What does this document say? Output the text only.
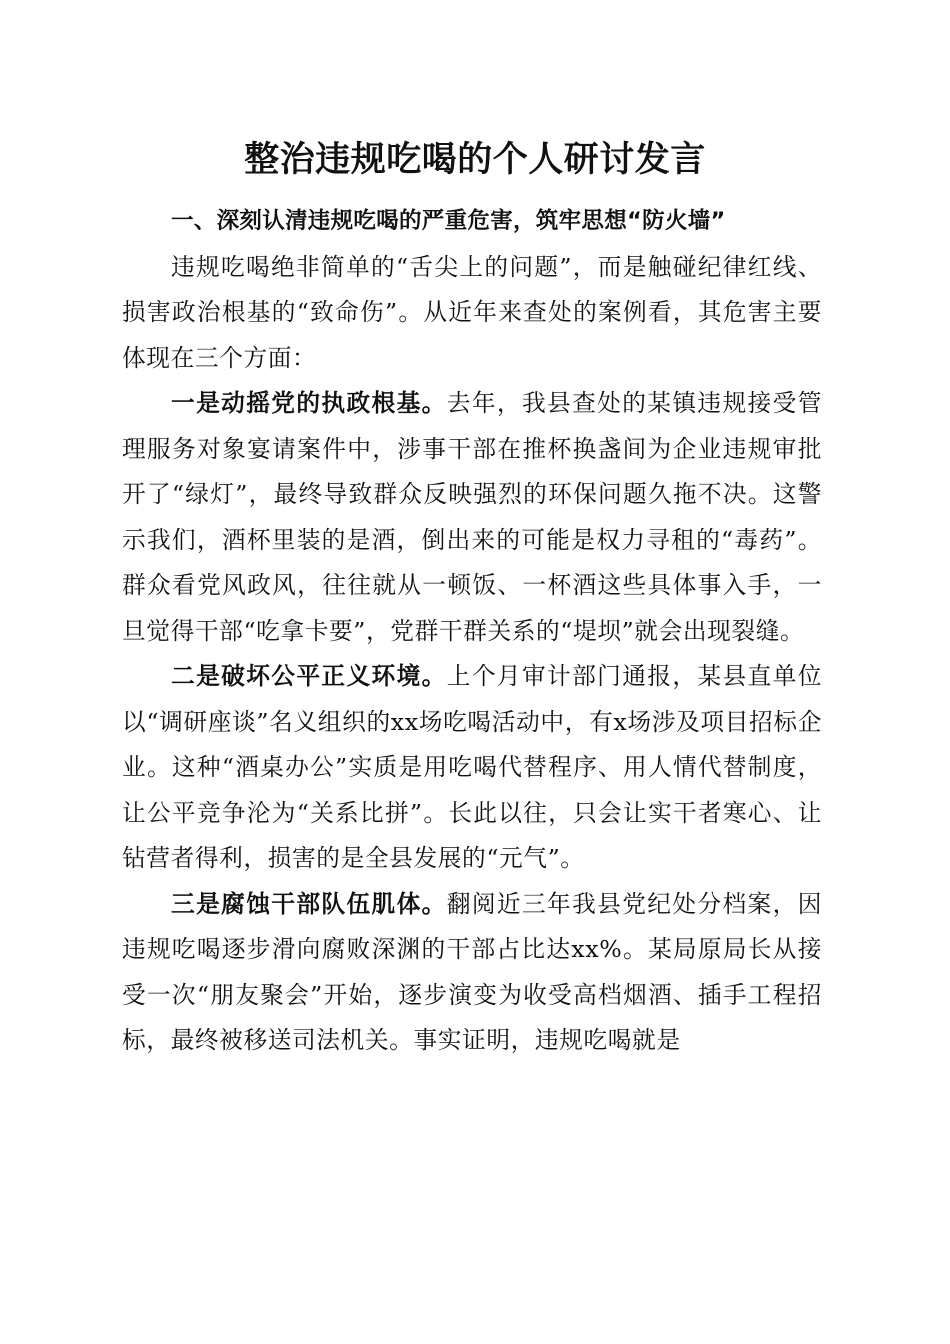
整治违规吃喝的个人研讨发言

一、深刻认清违规吃喝的严重危害，筑牢思想“防火墙”

违规吃喝绝非简单的“舌尖上的问题”，而是触碰纪律红线、损害政治根基的“致命伤”。从近年来查处的案例看，其危害主要体现在三个方面：

一是动摇党的执政根基。去年，我县查处的某镇违规接受管理服务对象宴请案件中，涉事干部在推杯换盏间为企业违规审批开了“绿灯”，最终导致群众反映强烈的环保问题久拖不决。这警示我们，酒杯里装的是酒，倒出来的可能是权力寻租的“毒药”。群众看党风政风，往往就从一顿饭、一杯酒这些具体事入手，一旦觉得干部“吃拿卡要”，党群干群关系的“堤坝”就会出现裂缝。

二是破坏公平正义环境。上个月审计部门通报，某县直单位以“调研座谈”名义组织的xx场吃喝活动中，有x场涉及项目招标企业。这种“酒桌办公”实质是用吃喝代替程序、用人情代替制度，让公平竞争沦为“关系比拼”。长此以往，只会让实干者寒心、让钻营者得利，损害的是全县发展的“元气”。

三是腐蚀干部队伍肌体。翻阅近三年我县党纪处分档案，因违规吃喝逐步滑向腐败深渊的干部占比达xx%。某局原局长从接受一次“朋友聚会”开始，逐步演变为收受高档烟酒、插手工程招标，最终被移送司法机关。事实证明，违规吃喝就是
